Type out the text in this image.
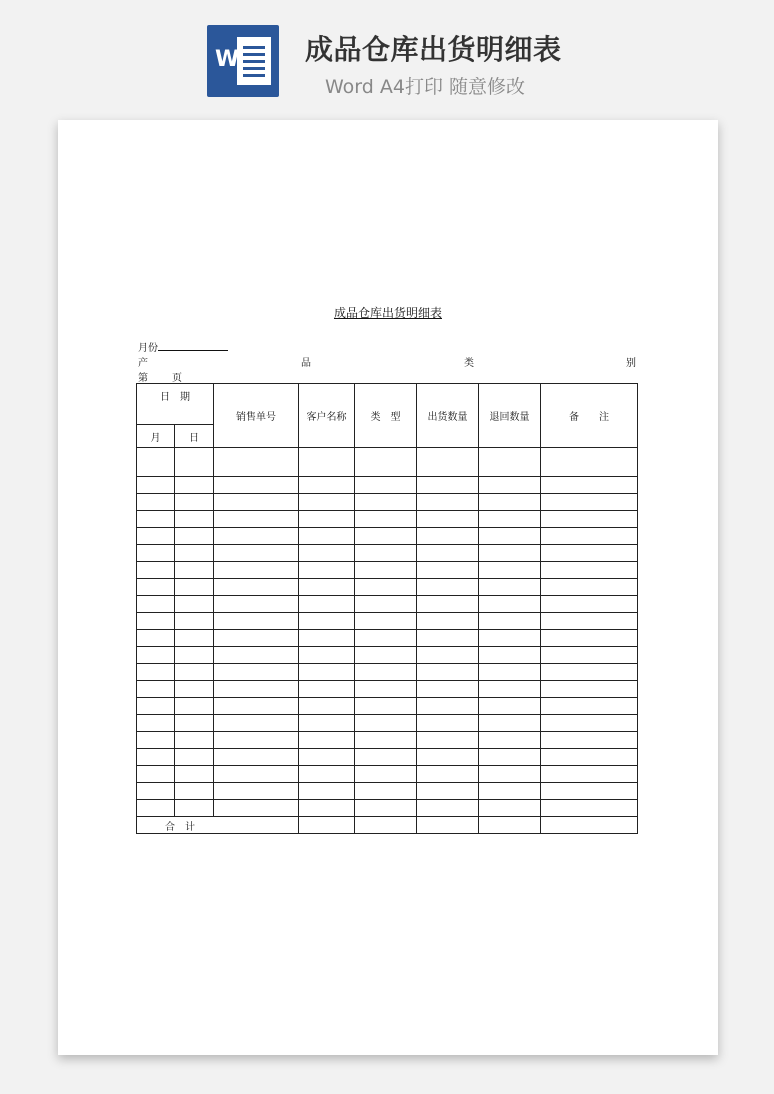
W 成品仓库出货明细表
Word A4打印 随意修改
成品仓库出货明细表
月份
产	品	类	别
第 页
日　期		销售单号	客户名称	类　型	出货数量	退回数量	备　　注
月	日						

合　计							
